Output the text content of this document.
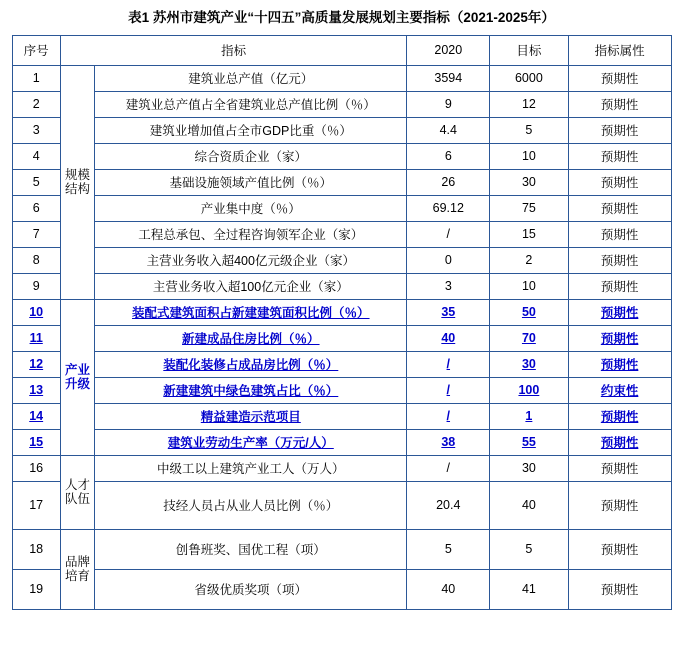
表1 苏州市建筑产业“十四五”高质量发展规划主要指标（2021-2025年）
序号	指标		2020	目标	指标属性
1	规模结构	建筑业总产值（亿元）	3594	6000	预期性
2		建筑业总产值占全省建筑业总产值比例（％）	9	12	预期性
3		建筑业增加值占全市GDP比重（％）	4.4	5	预期性
4		综合资质企业（家）	6	10	预期性
5		基础设施领域产值比例（％）	26	30	预期性
6		产业集中度（％）	69.12	75	预期性
7		工程总承包、全过程咨询领军企业（家）	/	15	预期性
8		主营业务收入超400亿元级企业（家）	0	2	预期性
9		主营业务收入超100亿元企业（家）	3	10	预期性
10	产业升级	装配式建筑面积占新建建筑面积比例（％）	35	50	预期性
11		新建成品住房比例（％）	40	70	预期性
12		装配化装修占成品房比例（％）	/	30	预期性
13		新建建筑中绿色建筑占比（％）	/	100	约束性
14		精益建造示范项目	/	1	预期性
15		建筑业劳动生产率（万元/人）	38	55	预期性
16	人才队伍	中级工以上建筑产业工人（万人）	/	30	预期性
17		技经人员占从业人员比例（％）	20.4	40	预期性
18	品牌培育	创鲁班奖、国优工程（项）	5	5	预期性
19		省级优质奖项（项）	40	41	预期性
